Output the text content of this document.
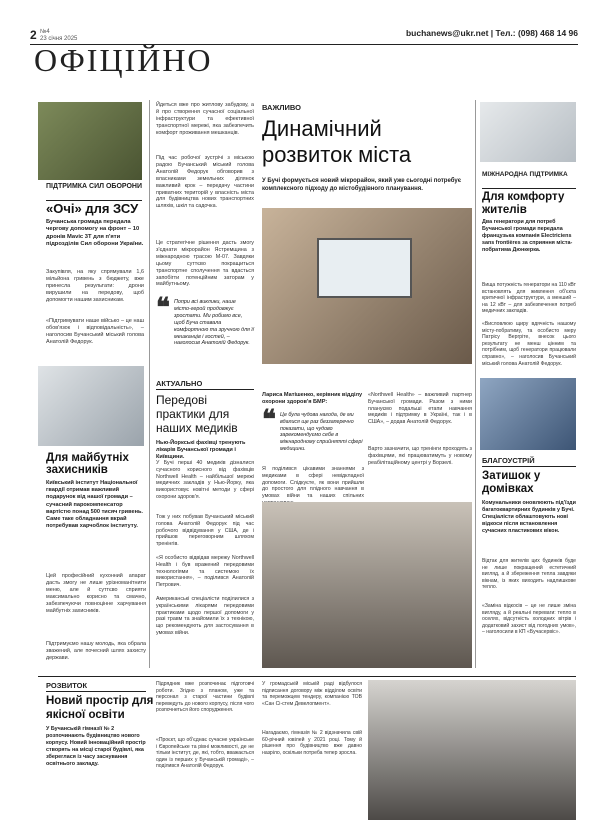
2 №4
23 січня 2025
buchanews@ukr.net | Тел.: (098) 468 14 96
ОФІЦІЙНО
ПІДТРИМКА СИЛ ОБОРОНИ
«Очі» для ЗСУ
Бучанська громада передала чергову допомогу на фронт – 10 дронів Mavic 3T для п'яти підрозділів Сил оборони України.
Закупівля, на яку спрямували 1,6 мільйона гривень з бюджету, вже принесла результати: дрони вирушили на передову, щоб допомогти нашим захисникам.
«Підтримувати наше військо – це наш обов'язок і відповідальність», – наголосив Бучанський міський голова Анатолій Федорук.
Для майбутніх захисників
Київський інститут Національної гвардії отримав важливий подарунок від нашої громади – сучасний парокомпенсатор вартістю понад 500 тисяч гривень. Саме таке обладнання вкрай потребував харчоблок інституту.
Цей професійний кухонний апарат дасть змогу не лише урізноманітнити меню, але й суттєво сприяти максимально корисно та смачно, забезпечуючи повноцінне харчування майбутніх захисників.
Підтримуємо нашу молодь, яка обрала зважений, але почесний шлях захисту держави.
Йдеться вже про житлову забудову, а й про створення сучасної соціальної інфраструктури та ефективної транспортної мережі, яка забезпечить комфорт проживання мешканців.
Під час робочої зустрічі з міською радою Бучанський міський голова Анатолій Федорук обговорив з власниками земельних ділянок важливий крок – передачу частини приватних територій у власність міста для будівництва нових транспортних шляхів, шкіл та садочка.
Це стратегічне рішення дасть змогу з'єднати мікрорайон Ястремщина з міжнародною трасою М-07. Завдяки цьому суттєво покращиться транспортне сполучення та вдасться запобігти потенційним заторам у майбутньому.
❝ Попри всі виклики, наше місто-герой продовжує зростати. Ми робимо все, щоб Буча ставала комфортною та зручною для її мешканців і гостей, – наголосив Анатолій Федорук.
ВАЖЛИВО
Динамічний розвиток міста
У Бучі формується новий мікрорайон, який уже сьогодні потребує комплексного підходу до містобудівного планування.
АКТУАЛЬНО
Передові практики для наших медиків
Нью-Йоркські фахівці тренують лікарів Бучанської громади і Київщини.
У Бучі перші 40 медиків дізналися сучасного корисного від фахівців Northwell Health – найбільшої мережі медичних закладів у Нью-Йорку, яка використовує новітні методи у сфері охорони здоров'я.
Тож у них побував Бучанський міський голова Анатолій Федорук під час робочого відвідування у США, де і прийшов переговорним шляхом тренінгів.
«Я особисто відвідав мережу Northwell Health і був вражений передовими технологіями та системою їх використання», – поділився Анатолій Петрович.
Американські спеціалісти поділилися з українськими лікарями передовими практиками щодо першої допомоги у разі травм та знайомили їх з технікою, що рекомендують для застосування в умовах війни.
Лариса Матішенко, керівник відділу охорони здоров'я БМР:
❝ Це була чудова нагода, де ми вдалися ще раз беззаперечно показати, що чудово зарекомендуємо себе в міжнародному сприйнятті сфері медицини.
Я поділився цікавими знаннями з медиками в сфері невідкладної допомоги. Слідкуєте, як вони прийшли до простого для плідного навчання в умовах війни та наших спільних
«Northwell Health» – важливий партнер Бучанської громади. Разом з ними плануємо подальші етапи навчання медиків і підтримку в Україні, так і в США», – додав Анатолій Федорук.
Варто зазначити, що тренінги проходять з фахівцями, які працюватимуть у новому реабілітаційному центрі у Ворзелі.
МІЖНАРОДНА ПІДТРИМКА
Для комфорту жителів
Два генератори для потреб Бучанської громади передала французька компанія Electriciens sans frontières за сприяння міста-побратима Дюнкерка.
Вища потужність генератори на 110 кВт встановлять для живлення об'єкта критичної інфраструктури, а менший – на 12 кВт – для забезпечення потреб медичних закладів.
«Висловлюю щиру вдячність нашому місту-побратиму, та особисто меру Патрісу Вергріте, внесок цього результату не менш цінним та потрібним, щоб генератори працювали справно», – наголосив Бучанський міський голова Анатолій Федорук.
БЛАГОУСТРІЙ
Затишок у домівках
Комунальники оновлюють під'їзди багатоквартирних будинків у Бучі. Спеціалісти облаштовують нові відкоси після встановлення сучасних пластикових вікон.
Відтак для жителів цих будинків буде не лише покращений естетичний вигляд, а й збереження тепла завдяки вікнам, із яких виходить надлишкове тепло.
«Заміна відкосів – це не лише зміна вигляду, а й реальні переваги: тепло в оселях, відсутність холодних вітрів і додатковий захист від погодних умов», – наголосили в КП «Бучасервіс».
РОЗВИТОК
Новий простір для якісної освіти
У Бучанській гімназії № 2 розпочинають будівництво нового корпусу. Новий інноваційний простір створять на місці старої будівлі, яка збереглася із часу заснування освітнього закладу.
Підрядник вже розпочинає підготовчі роботи. Згідно з планом, уже та персонал з старої частини будівлі переведуть до нового корпусу, після чого розпочнеться його спорудження.
«Проєкт, що об'єднає сучасне українське і Європейське та рівні можливості, де не тільки інститут, де, які, тобто, вважається один із перших у Бучанській громаді», – поділився Анатолій Федорук.
У громадській міській раді відбулося підписання договору між відділом освіти та переможцем тендеру, компанією ТОВ «Сан Сі-стем Девелопмент».
Нагадаємо, гімназія № 2 відзначила свій 60-річний ювілей у 2021 році. Тому й рішення про будівництво вже давно назріло, оскільки потреба тепер зросла.
